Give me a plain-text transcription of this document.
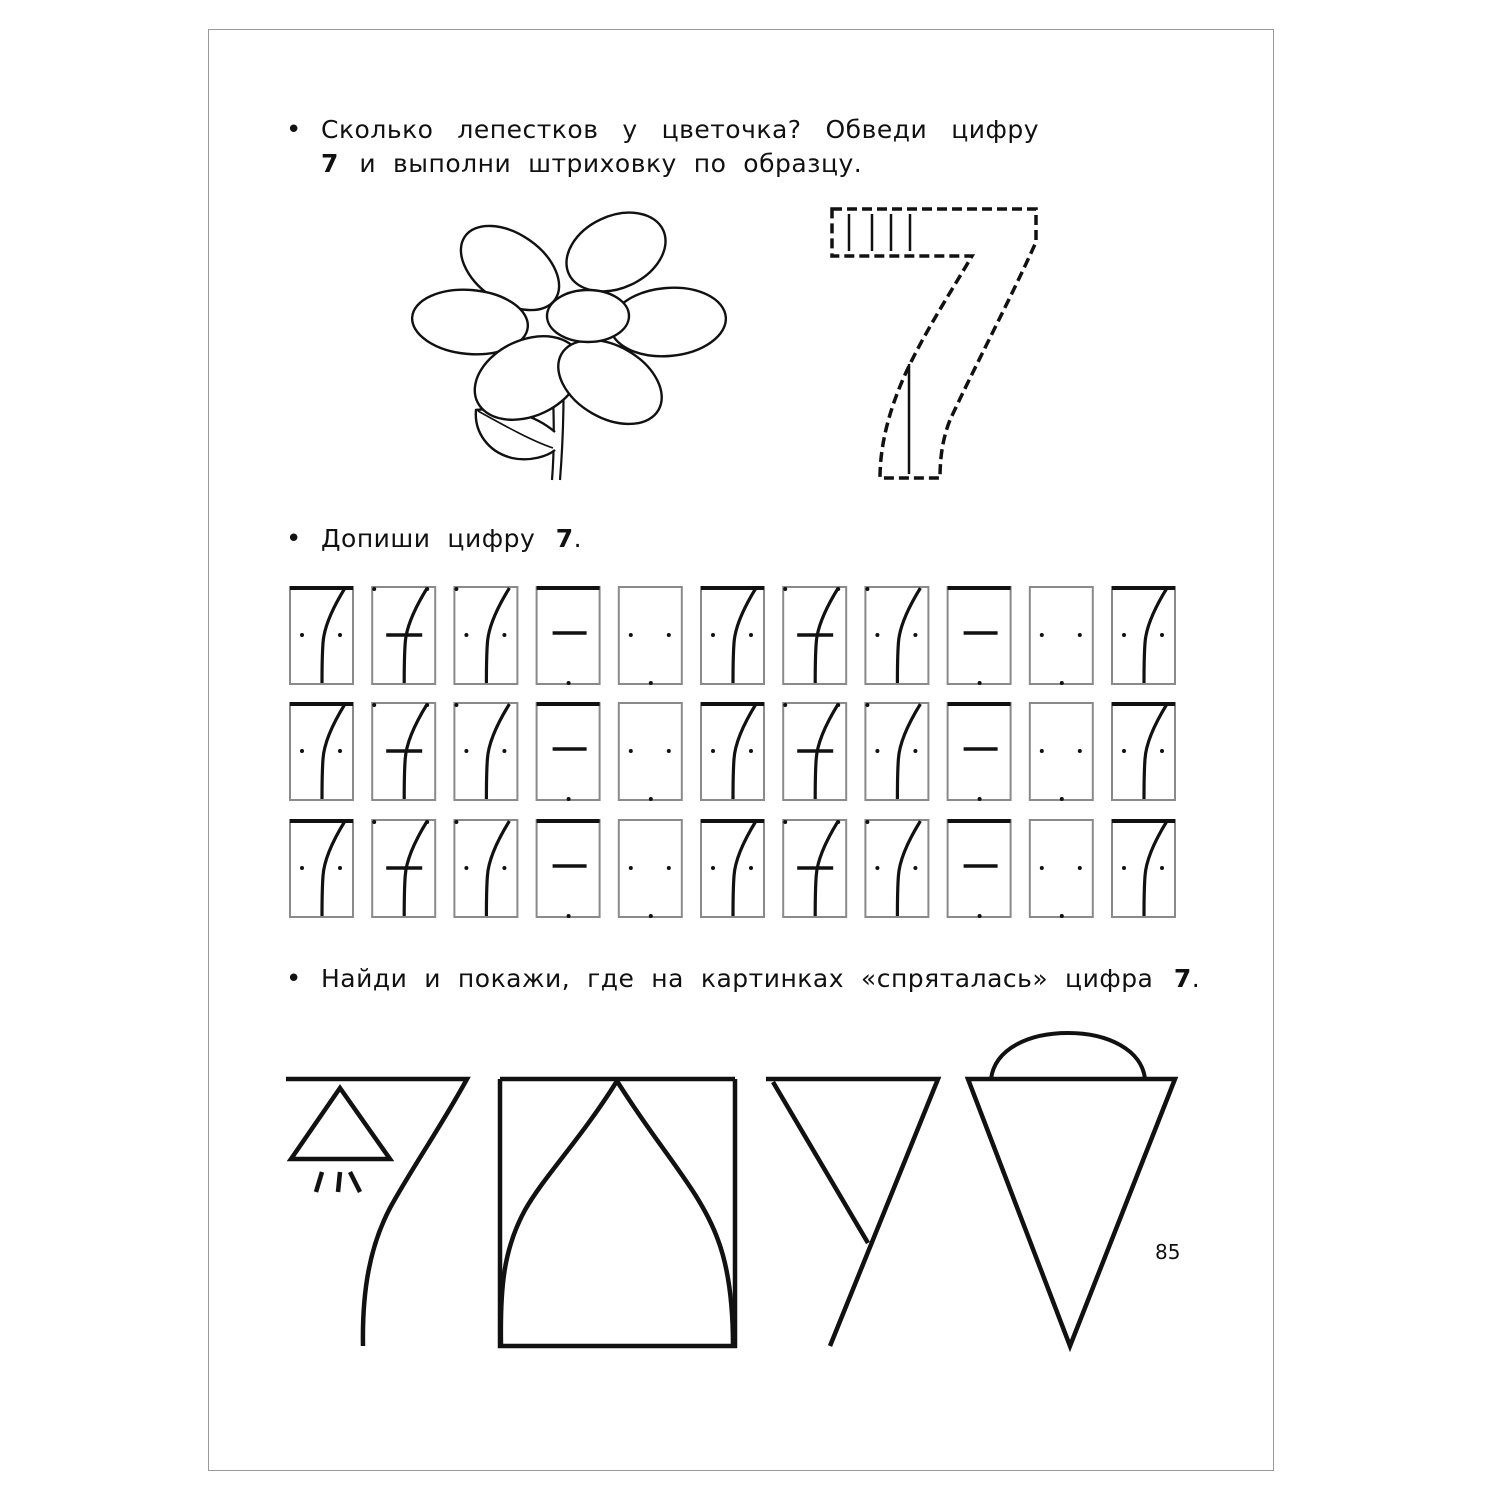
• Сколько лепестков у цветочка? Обведи цифру
7 и  выполни  штриховку  по  образцу.
• Допиши  цифру 7.
• Найди  и  покажи,  где  на  картинках  «спряталась»  цифра 7.
85
